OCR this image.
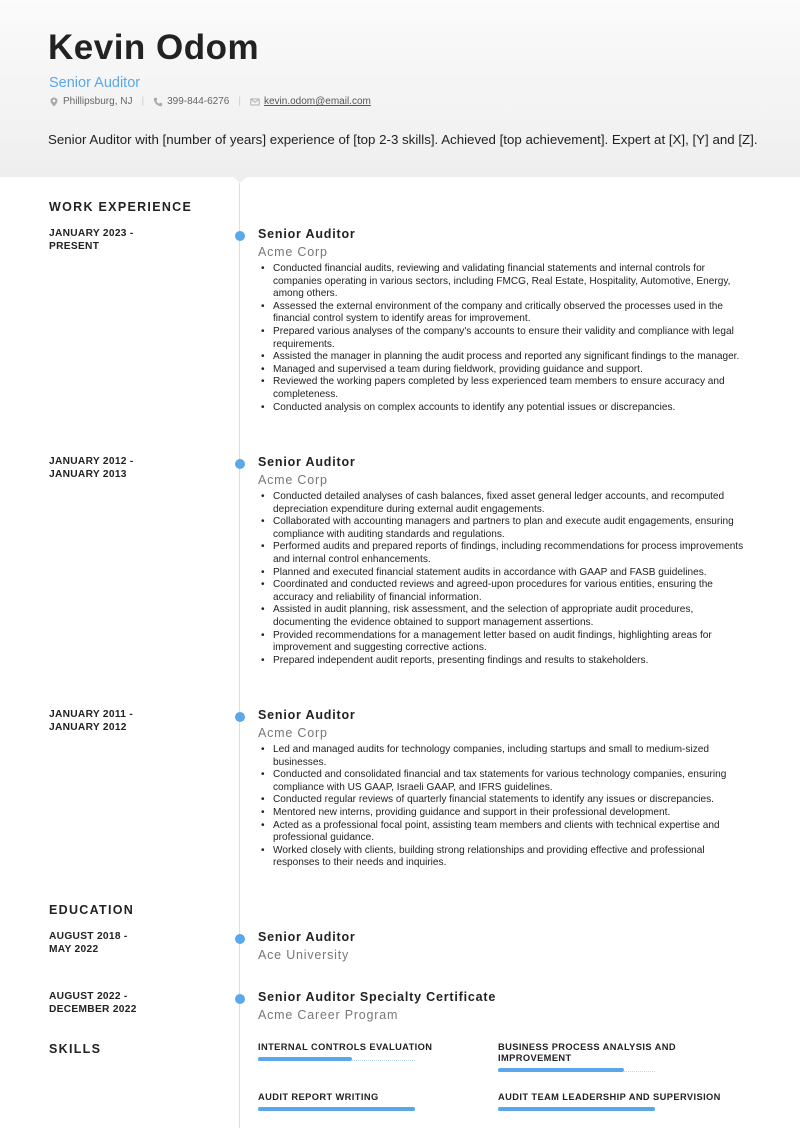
Kevin Odom
Senior Auditor
Phillipsburg, NJ | 399-844-6276 | kevin.odom@email.com
Senior Auditor with [number of years] experience of [top 2-3 skills]. Achieved [top achievement]. Expert at [X], [Y] and [Z].
WORK EXPERIENCE
JANUARY 2023 -
PRESENT
Senior Auditor
Acme Corp
• Conducted financial audits, reviewing and validating financial statements and internal controls for companies operating in various sectors, including FMCG, Real Estate, Hospitality, Automotive, Energy, among others.
• Assessed the external environment of the company and critically observed the processes used in the financial control system to identify areas for improvement.
• Prepared various analyses of the company's accounts to ensure their validity and compliance with legal requirements.
• Assisted the manager in planning the audit process and reported any significant findings to the manager.
• Managed and supervised a team during fieldwork, providing guidance and support.
• Reviewed the working papers completed by less experienced team members to ensure accuracy and completeness.
• Conducted analysis on complex accounts to identify any potential issues or discrepancies.
JANUARY 2012 -
JANUARY 2013
Senior Auditor
Acme Corp
• Conducted detailed analyses of cash balances, fixed asset general ledger accounts, and recomputed depreciation expenditure during external audit engagements.
• Collaborated with accounting managers and partners to plan and execute audit engagements, ensuring compliance with auditing standards and regulations.
• Performed audits and prepared reports of findings, including recommendations for process improvements and internal control enhancements.
• Planned and executed financial statement audits in accordance with GAAP and FASB guidelines.
• Coordinated and conducted reviews and agreed-upon procedures for various entities, ensuring the accuracy and reliability of financial information.
• Assisted in audit planning, risk assessment, and the selection of appropriate audit procedures, documenting the evidence obtained to support management assertions.
• Provided recommendations for a management letter based on audit findings, highlighting areas for improvement and suggesting corrective actions.
• Prepared independent audit reports, presenting findings and results to stakeholders.
JANUARY 2011 -
JANUARY 2012
Senior Auditor
Acme Corp
• Led and managed audits for technology companies, including startups and small to medium-sized businesses.
• Conducted and consolidated financial and tax statements for various technology companies, ensuring compliance with US GAAP, Israeli GAAP, and IFRS guidelines.
• Conducted regular reviews of quarterly financial statements to identify any issues or discrepancies.
• Mentored new interns, providing guidance and support in their professional development.
• Acted as a professional focal point, assisting team members and clients with technical expertise and professional guidance.
• Worked closely with clients, building strong relationships and providing effective and professional responses to their needs and inquiries.
EDUCATION
AUGUST 2018 -
MAY 2022
Senior Auditor
Ace University
AUGUST 2022 -
DECEMBER 2022
Senior Auditor Specialty Certificate
Acme Career Program
SKILLS	INTERNAL CONTROLS EVALUATION	BUSINESS PROCESS ANALYSIS AND IMPROVEMENT
AUDIT REPORT WRITING	AUDIT TEAM LEADERSHIP AND SUPERVISION
